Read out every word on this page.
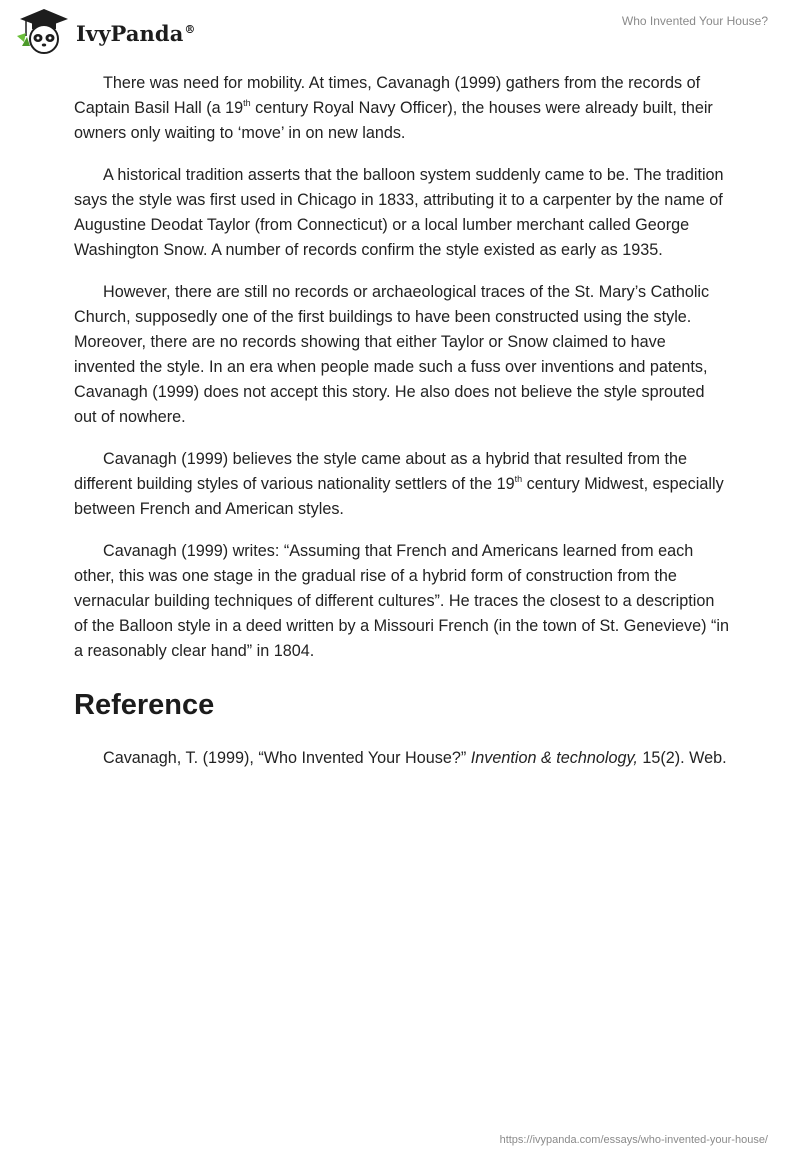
IvyPanda®
Who Invented Your House?

There was need for mobility. At times, Cavanagh (1999) gathers from the records of Captain Basil Hall (a 19th century Royal Navy Officer), the houses were already built, their owners only waiting to ‘move’ in on new lands.

A historical tradition asserts that the balloon system suddenly came to be. The tradition says the style was first used in Chicago in 1833, attributing it to a carpenter by the name of Augustine Deodat Taylor (from Connecticut) or a local lumber merchant called George Washington Snow. A number of records confirm the style existed as early as 1935.

However, there are still no records or archaeological traces of the St. Mary’s Catholic Church, supposedly one of the first buildings to have been constructed using the style. Moreover, there are no records showing that either Taylor or Snow claimed to have invented the style. In an era when people made such a fuss over inventions and patents, Cavanagh (1999) does not accept this story. He also does not believe the style sprouted out of nowhere.

Cavanagh (1999) believes the style came about as a hybrid that resulted from the different building styles of various nationality settlers of the 19th century Midwest, especially between French and American styles.

Cavanagh (1999) writes: “Assuming that French and Americans learned from each other, this was one stage in the gradual rise of a hybrid form of construction from the vernacular building techniques of different cultures”. He traces the closest to a description of the Balloon style in a deed written by a Missouri French (in the town of St. Genevieve) “in a reasonably clear hand” in 1804.

Reference

Cavanagh, T. (1999), “Who Invented Your House?” Invention & technology, 15(2). Web.

https://ivypanda.com/essays/who-invented-your-house/
